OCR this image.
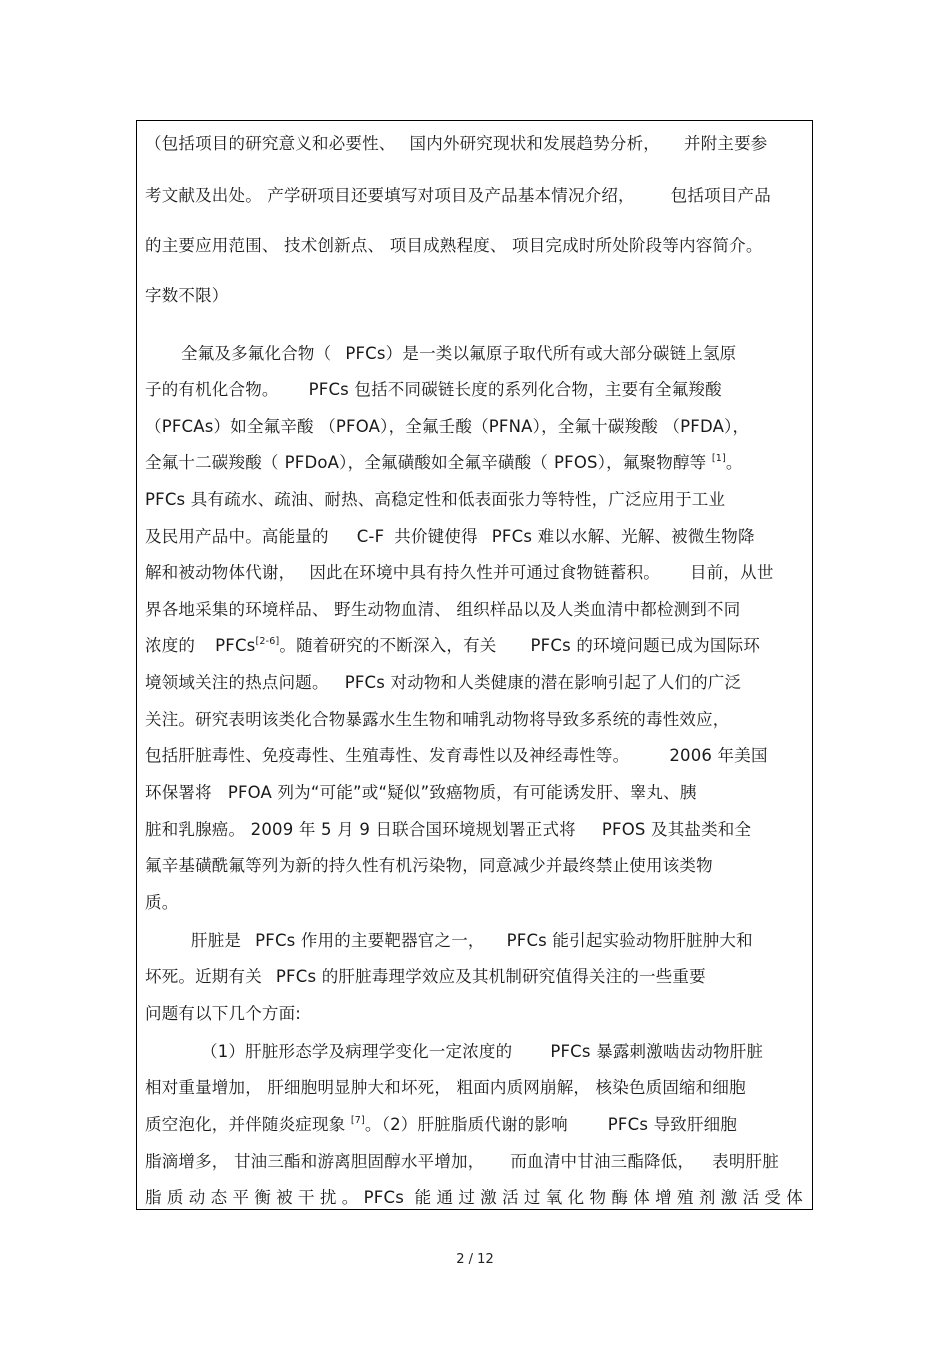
（包括项目的研究意义和必要性、 国内外研究现状和发展趋势分析， 并附主要参
考文献及出处。 产学研项目还要填写对项目及产品基本情况介绍， 包括项目产品
的主要应用范围、 技术创新点、 项目成熟程度、 项目完成时所处阶段等内容简介。
字数不限）
全氟及多氟化合物（ PFCs）是一类以氟原子取代所有或大部分碳链上氢原
子的有机化合物。 PFCs 包括不同碳链长度的系列化合物，主要有全氟羧酸
（PFCAs）如全氟辛酸 （PFOA），全氟壬酸（PFNA），全氟十碳羧酸 （PFDA），
全氟十二碳羧酸（ PFDoA），全氟磺酸如全氟辛磺酸（ PFOS），氟聚物醇等 [1]。
PFCs 具有疏水、疏油、耐热、高稳定性和低表面张力等特性，广泛应用于工业
及民用产品中。高能量的 C-F 共价键使得 PFCs 难以水解、光解、被微生物降
解和被动物体代谢， 因此在环境中具有持久性并可通过食物链蓄积。 目前，从世
界各地采集的环境样品、 野生动物血清、 组织样品以及人类血清中都检测到不同
浓度的 PFCs[2-6]。随着研究的不断深入，有关 PFCs 的环境问题已成为国际环
境领域关注的热点问题。 PFCs 对动物和人类健康的潜在影响引起了人们的广泛
关注。研究表明该类化合物暴露水生生物和哺乳动物将导致多系统的毒性效应，
包括肝脏毒性、免疫毒性、生殖毒性、发育毒性以及神经毒性等。 2006 年美国
环保署将 PFOA 列为“可能”或“疑似”致癌物质，有可能诱发肝、睾丸、胰
脏和乳腺癌。 2009 年 5 月 9 日联合国环境规划署正式将 PFOS 及其盐类和全
氟辛基磺酰氟等列为新的持久性有机污染物，同意减少并最终禁止使用该类物
质。
肝脏是 PFCs 作用的主要靶器官之一， PFCs 能引起实验动物肝脏肿大和
坏死。近期有关 PFCs 的肝脏毒理学效应及其机制研究值得关注的一些重要
问题有以下几个方面:
（1）肝脏形态学及病理学变化一定浓度的 PFCs 暴露刺激啮齿动物肝脏
相对重量增加， 肝细胞明显肿大和坏死， 粗面内质网崩解， 核染色质固缩和细胞
质空泡化，并伴随炎症现象 [7]。（2）肝脏脂质代谢的影响 PFCs 导致肝细胞
脂滴增多， 甘油三酯和游离胆固醇水平增加， 而血清中甘油三酯降低， 表明肝脏
脂质动态平衡被干扰。PFCs 能通过激活过氧化物酶体增殖剂激活受体
2 / 12
